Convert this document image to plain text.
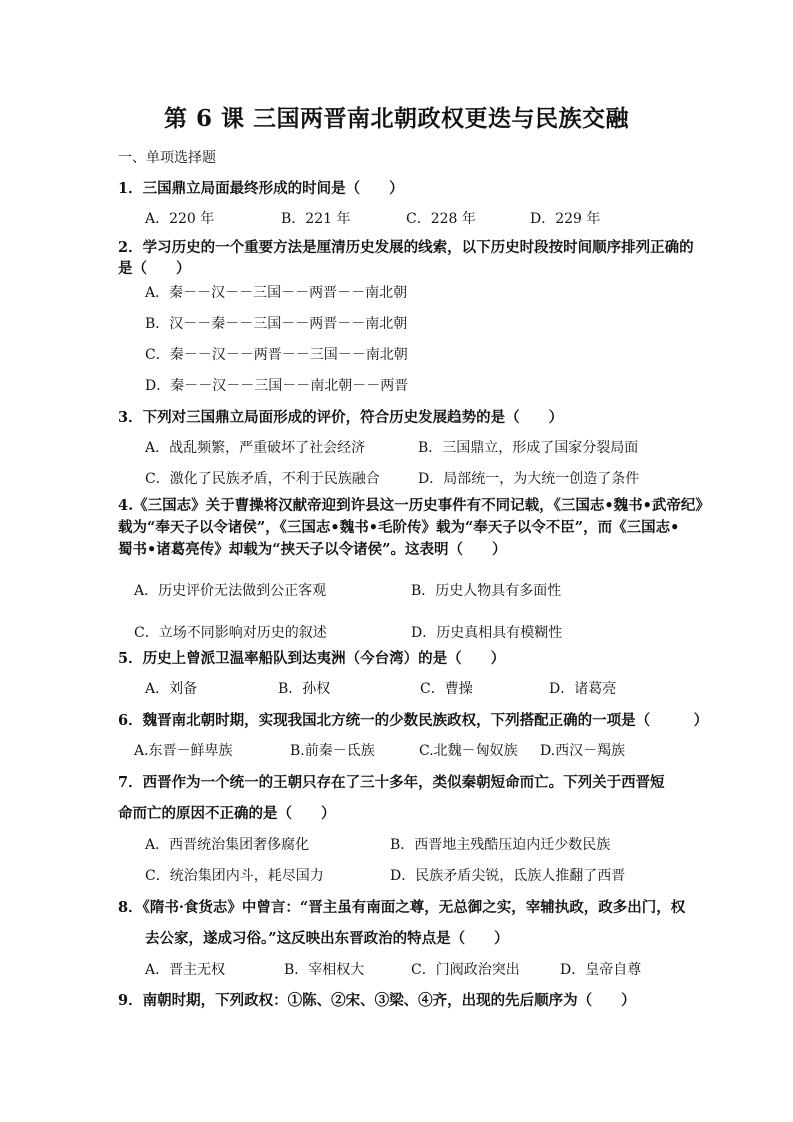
第 6 课 三国两晋南北朝政权更迭与民族交融
一、单项选择题
1．三国鼎立局面最终形成的时间是（　　）
A．220 年	B．221 年	C．228 年	D．229 年
2．学习历史的一个重要方法是厘清历史发展的线索，以下历史时段按时间顺序排列正确的
是（　　）
A．秦－－汉－－三国－－两晋－－南北朝
B．汉－－秦－－三国－－两晋－－南北朝
C．秦－－汉－－两晋－－三国－－南北朝
D．秦－－汉－－三国－－南北朝－－两晋
3．下列对三国鼎立局面形成的评价，符合历史发展趋势的是（　　）
A．战乱频繁，严重破坏了社会经济	B．三国鼎立，形成了国家分裂局面
C．激化了民族矛盾，不利于民族融合	D．局部统一，为大统一创造了条件
4.《三国志》关于曹操将汉献帝迎到许县这一历史事件有不同记载，《三国志•魏书•武帝纪》
载为“奉天子以令诸侯”，《三国志•魏书•毛阶传》载为“奉天子以令不臣”，而《三国志•
蜀书•诸葛亮传》却载为“挟天子以令诸侯”。这表明（　　）
A．历史评价无法做到公正客观	B．历史人物具有多面性
C．立场不同影响对历史的叙述	D．历史真相具有模糊性
5．历史上曾派卫温率船队到达夷洲（今台湾）的是（　　）
A．刘备	B．孙权	C．曹操	D．诸葛亮
6．魏晋南北朝时期，实现我国北方统一的少数民族政权，下列搭配正确的一项是（　　　）
A.东晋－鲜卑族	B.前秦－氐族	C.北魏－匈奴族 D.西汉－羯族
7．西晋作为一个统一的王朝只存在了三十多年，类似秦朝短命而亡。下列关于西晋短
命而亡的原因不正确的是（　　）
A．西晋统治集团奢侈腐化	B．西晋地主残酷压迫内迁少数民族
C．统治集团内斗，耗尽国力	D．民族矛盾尖锐，氐族人推翻了西晋
8．《隋书·食货志》中曾言：“晋主虽有南面之尊，无总御之实，宰辅执政，政多出门，权
去公家，遂成习俗。”这反映出东晋政治的特点是（　　）
A．晋主无权	B．宰相权大	C．门阀政治突出	D．皇帝自尊
9．南朝时期，下列政权：①陈、②宋、③梁、④齐，出现的先后顺序为（　　）
